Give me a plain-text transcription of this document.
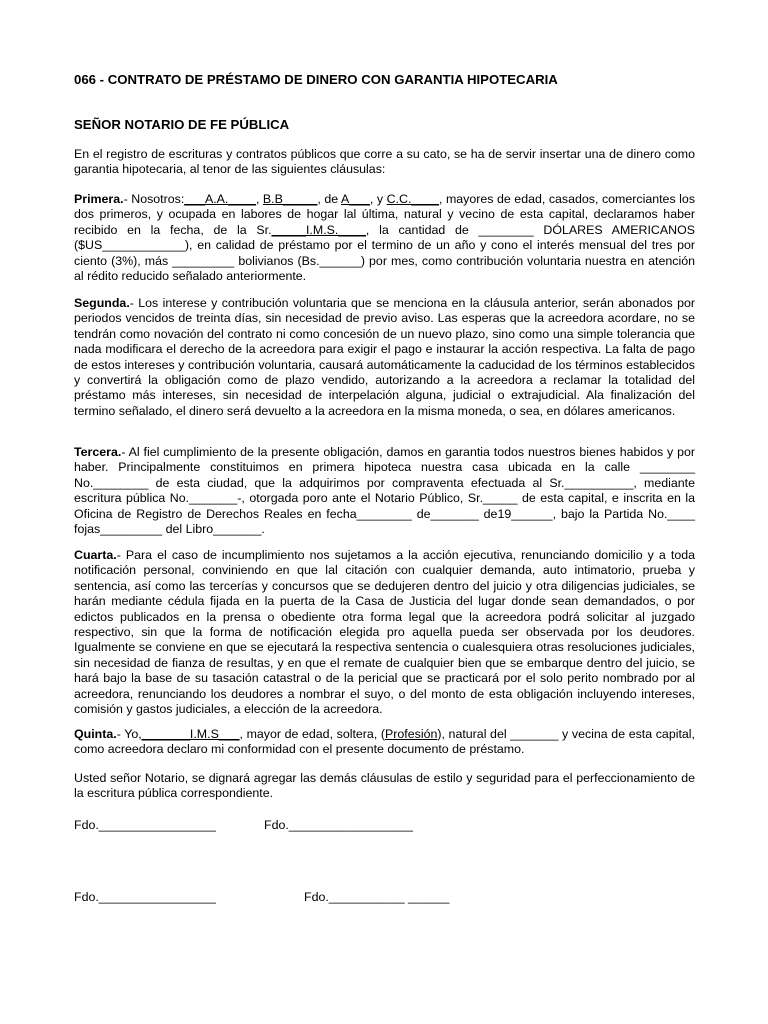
066 - CONTRATO DE PRÉSTAMO DE DINERO CON GARANTIA HIPOTECARIA
SEÑOR NOTARIO DE FE PÚBLICA

En el registro de escrituras y contratos públicos que corre a su cato, se ha de servir insertar una de dinero como garantia hipotecaria, al tenor de las siguientes cláusulas:

Primera.- Nosotros:___A.A.____, B.B_____, de A___, y C.C.____, mayores de edad, casados, comerciantes los dos primeros, y ocupada en labores de hogar lal última, natural y vecino de esta capital, declaramos haber recibido en la fecha, de la Sr._____I.M.S.____, la cantidad de ________ DÓLARES AMERICANOS ($US____________), en calidad de préstamo por el termino de un año y cono el interés mensual del tres por ciento (3%), más _________ bolivianos (Bs.______) por mes, como contribución voluntaria nuestra en atención al rédito reducido señalado anteriormente.

Segunda.- Los interese y contribución voluntaria que se menciona en la cláusula anterior, serán abonados por periodos vencidos de treinta días, sin necesidad de previo aviso. Las esperas que la acreedora acordare, no se tendrán como novación del contrato ni como concesión de un nuevo plazo, sino como una simple tolerancia que nada modificara el derecho de la acreedora para exigir el pago e instaurar la acción respectiva. La falta de pago de estos intereses y contribución voluntaria, causará automáticamente la caducidad de los términos establecidos y convertirá la obligación como de plazo vendido, autorizando a la acreedora a reclamar la totalidad del préstamo más intereses, sin necesidad de interpelación alguna, judicial o extrajudicial. Ala finalización del termino señalado, el dinero será devuelto a la acreedora en la misma moneda, o sea, en dólares americanos.

Tercera.- Al fiel cumplimiento de la presente obligación, damos en garantia todos nuestros bienes habidos y por haber. Principalmente constituimos en primera hipoteca nuestra casa ubicada en la calle ________ No.________ de esta ciudad, que la adquirimos por compraventa efectuada al Sr.__________, mediante escritura pública No._______-, otorgada poro ante el Notario Público, Sr._____ de esta capital, e inscrita en la Oficina de Registro de Derechos Reales en fecha________ de_______ de19______, bajo la Partida No.____ fojas_________ del Libro_______.

Cuarta.- Para el caso de incumplimiento nos sujetamos a la acción ejecutiva, renunciando domicilio y a toda notificación personal, conviniendo en que lal citación con cualquier demanda, auto intimatorio, prueba y sentencia, así como las tercerías y concursos que se dedujeren dentro del juicio y otra diligencias judiciales, se harán mediante cédula fijada en la puerta de la Casa de Justicia del lugar donde sean demandados, o por edictos publicados en la prensa o obediente otra forma legal que la acreedora podrá solicitar al juzgado respectivo, sin que la forma de notificación elegida pro aquella pueda ser observada por los deudores. Igualmente se conviene en que se ejecutará la respectiva sentencia o cualesquiera otras resoluciones judiciales, sin necesidad de fianza de resultas, y en que el remate de cualquier bien que se embarque dentro del juicio, se hará bajo la base de su tasación catastral o de la pericial que se practicará por el solo perito nombrado por al acreedora, renunciando los deudores a nombrar el suyo, o del monto de esta obligación incluyendo intereses, comisión y gastos judiciales, a elección de la acreedora.

Quinta.- Yo,_______I.M.S___, mayor de edad, soltera, (Profesión), natural del _______ y vecina de esta capital, como acreedora declaro mi conformidad con el presente documento de préstamo.

Usted señor Notario, se dignará agregar las demás cláusulas de estilo y seguridad para el perfeccionamiento de la escritura pública correspondiente.

Fdo._________________	Fdo.__________________
Fdo._________________	Fdo.___________ ______
